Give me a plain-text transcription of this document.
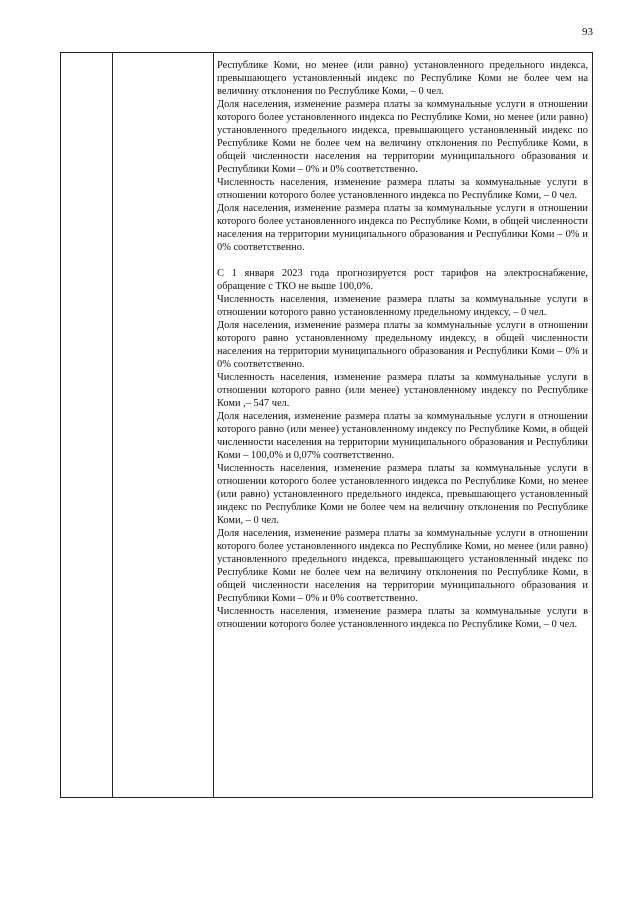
93

Республике Коми, но менее (или равно) установленного предельного индекса, превышающего установленный индекс по Республике Коми не более чем на величину отклонения по Республике Коми, – 0 чел.

Доля населения, изменение размера платы за коммунальные услуги в отношении которого более установленного индекса по Республике Коми, но менее (или равно) установленного предельного индекса, превышающего установленный индекс по Республике Коми не более чем на величину отклонения по Республике Коми, в общей численности населения на территории муниципального образования и Республики Коми – 0% и 0% соответственно.

Численность населения, изменение размера платы за коммунальные услуги в отношении которого более установленного индекса по Республике Коми, – 0 чел.

Доля населения, изменение размера платы за коммунальные услуги в отношении которого более установленного индекса по Республике Коми, в общей численности населения на территории муниципального образования и Республики Коми – 0% и 0% соответственно.

С 1 января 2023 года прогнозируется рост тарифов на электроснабжение, обращение с ТКО не выше 100,0%.

Численность населения, изменение размера платы за коммунальные услуги в отношении которого равно установленному предельному индексу, – 0 чел.

Доля населения, изменение размера платы за коммунальные услуги в отношении которого равно установленному предельному индексу, в общей численности населения на территории муниципального образования и Республики Коми – 0% и 0% соответственно.

Численность населения, изменение размера платы за коммунальные услуги в отношении которого равно (или менее) установленному индексу по Республике Коми ,– 547 чел.

Доля населения, изменение размера платы за коммунальные услуги в отношении которого равно (или менее) установленному индексу по Республике Коми, в общей численности населения на территории муниципального образования и Республики Коми – 100,0% и 0,07% соответственно.

Численность населения, изменение размера платы за коммунальные услуги в отношении которого более установленного индекса по Республике Коми, но менее (или равно) установленного предельного индекса, превышающего установленный индекс по Республике Коми не более чем на величину отклонения по Республике Коми, – 0 чел.

Доля населения, изменение размера платы за коммунальные услуги в отношении которого более установленного индекса по Республике Коми, но менее (или равно) установленного предельного индекса, превышающего установленный индекс по Республике Коми не более чем на величину отклонения по Республике Коми, в общей численности населения на территории муниципального образования и Республики Коми – 0% и 0% соответственно.

Численность населения, изменение размера платы за коммунальные услуги в отношении которого более установленного индекса по Республике Коми, – 0 чел.
